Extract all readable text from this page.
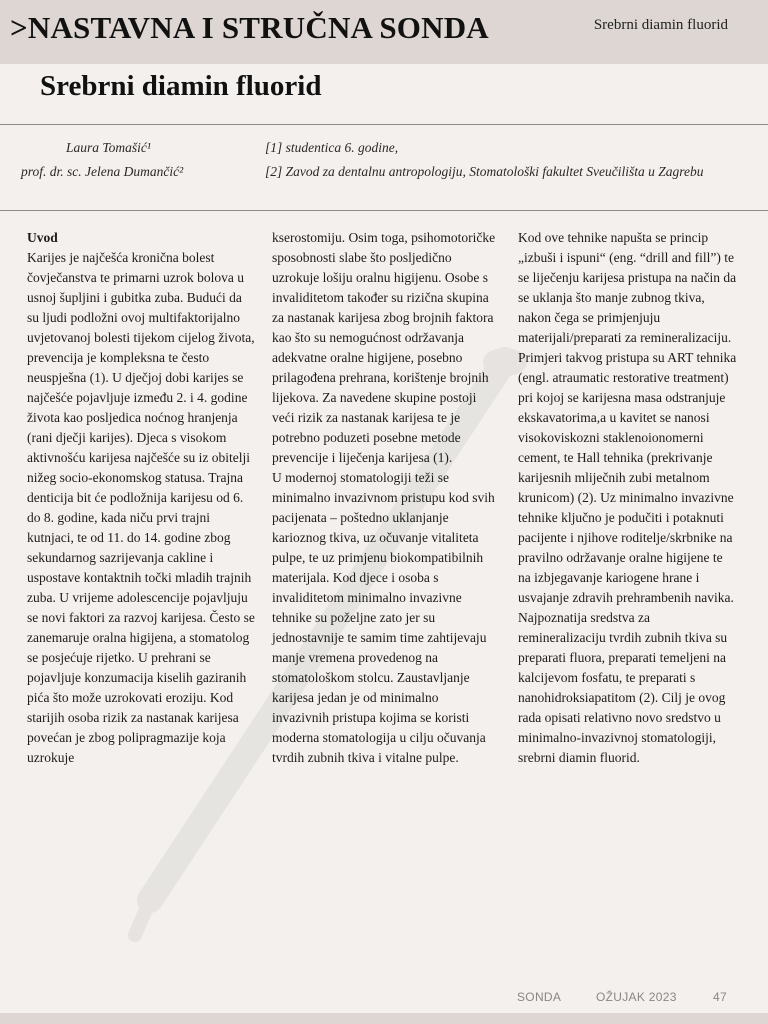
>NASTAVNA I STRUČNA SONDA	Srebrni diamin fluorid
Srebrni diamin fluorid
Laura Tomašić¹
prof. dr. sc. Jelena Dumančić²
[1] studentica 6. godine,
[2] Zavod za dentalnu antropologiju, Stomatološki fakultet Sveučilišta u Zagrebu
Uvod

Karijes je najčešća kronična bolest čovječanstva te primarni uzrok bolova u usnoj šupljini i gubitka zuba. Budući da su ljudi podložni ovoj multifaktorijalno uvjetovanoj bolesti tijekom cijelog života, prevencija je kompleksna te često neuspješna (1). U dječjoj dobi karijes se najčešće pojavljuje između 2. i 4. godine života kao posljedica noćnog hranjenja (rani dječji karijes). Djeca s visokom aktivnošću karijesa najčešće su iz obitelji nižeg socio-ekonomskog statusa. Trajna denticija bit će podložnija karijesu od 6. do 8. godine, kada niču prvi trajni kutnjaci, te od 11. do 14. godine zbog sekundarnog sazrijevanja cakline i uspostave kontaktnih točki mladih trajnih zuba. U vrijeme adolescencije pojavljuju se novi faktori za razvoj karijesa. Često se zanemaruje oralna higijena, a stomatolog se posjećuje rijetko. U prehrani se pojavljuje konzumacija kiselih gaziranih pića što može uzrokovati eroziju. Kod starijih osoba rizik za nastanak karijesa povećan je zbog polipragmazije koja uzrokuje

kserostomiju. Osim toga, psihomotoričke sposobnosti slabe što posljedično uzrokuje lošiju oralnu higijenu. Osobe s invaliditetom također su rizična skupina za nastanak karijesa zbog brojnih faktora kao što su nemogućnost održavanja adekvatne oralne higijene, posebno prilagođena prehrana, korištenje brojnih lijekova. Za navedene skupine postoji veći rizik za nastanak karijesa te je potrebno poduzeti posebne metode prevencije i liječenja karijesa (1).

U modernoj stomatologiji teži se minimalno invazivnom pristupu kod svih pacijenata – poštedno uklanjanje karioznog tkiva, uz očuvanje vitaliteta pulpe, te uz primjenu biokompatibilnih materijala. Kod djece i osoba s invaliditetom minimalno invazivne tehnike su poželjne zato jer su jednostavnije te samim time zahtijevaju manje vremena provedenog na stomatološkom stolcu. Zaustavljanje karijesa jedan je od minimalno invazivnih pristupa kojima se koristi moderna stomatologija u cilju očuvanja tvrdih zubnih tkiva i vitalne pulpe.

Kod ove tehnike napušta se princip „izbuši i ispuni“ (eng. “drill and fill”) te se liječenju karijesa pristupa na način da se uklanja što manje zubnog tkiva, nakon čega se primjenjuju materijali/preparati za remineralizaciju. Primjeri takvog pristupa su ART tehnika (engl. atraumatic restorative treatment) pri kojoj se karijesna masa odstranjuje ekskavatorima,a u kavitet se nanosi visokoviskozni staklenoionomerni cement, te Hall tehnika (prekrivanje karijesnih mliječnih zubi metalnom krunicom) (2). Uz minimalno invazivne tehnike ključno je podučiti i potaknuti pacijente i njihove roditelje/skrbnike na pravilno održavanje oralne higijene te na izbjegavanje kariogene hrane i usvajanje zdravih prehrambenih navika. Najpoznatija sredstva za remineralizaciju tvrdih zubnih tkiva su preparati fluora, preparati temeljeni na kalcijevom fosfatu, te preparati s nanohidroksiapatitom (2). Cilj je ovog rada opisati relativno novo sredstvo u minimalno-invazivnoj stomatologiji, srebrni diamin fluorid.

SONDA	OŽUJAK 2023	47
